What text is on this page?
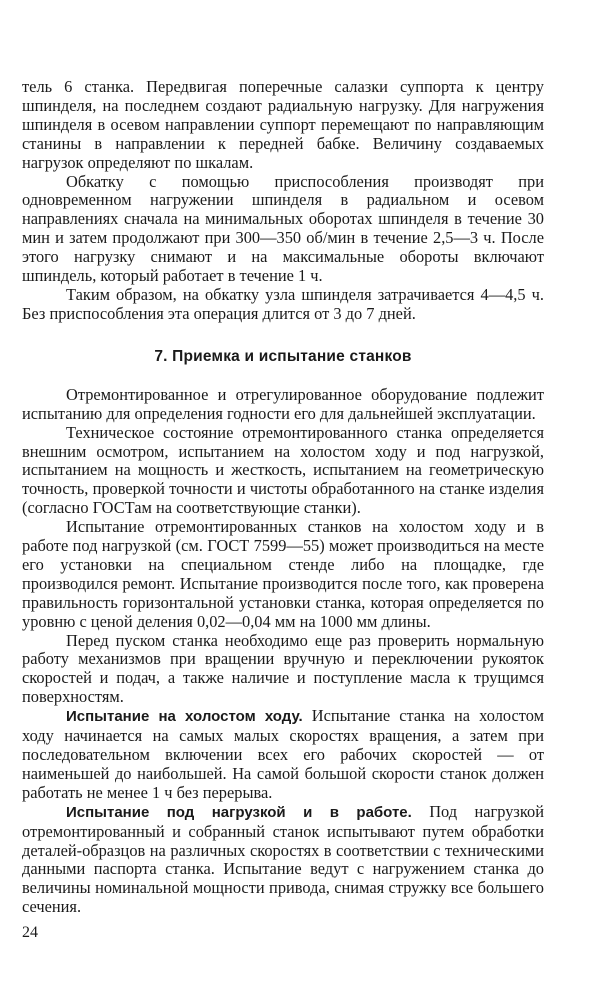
тель 6 станка. Передвигая поперечные салазки суппорта к центру шпинделя, на последнем создают радиальную нагрузку. Для нагружения шпинделя в осевом направлении суппорт перемещают по направляющим станины в направлении к передней бабке. Величину создаваемых нагрузок определяют по шкалам.

Обкатку с помощью приспособления производят при одновременном нагружении шпинделя в радиальном и осевом направлениях сначала на минимальных оборотах шпинделя в течение 30 мин и затем продолжают при 300—350 об/мин в течение 2,5—3 ч. После этого нагрузку снимают и на максимальные обороты включают шпиндель, который работает в течение 1 ч.

Таким образом, на обкатку узла шпинделя затрачивается 4—4,5 ч. Без приспособления эта операция длится от 3 до 7 дней.

7. Приемка и испытание станков

Отремонтированное и отрегулированное оборудование подлежит испытанию для определения годности его для дальнейшей эксплуатации.

Техническое состояние отремонтированного станка определяется внешним осмотром, испытанием на холостом ходу и под нагрузкой, испытанием на мощность и жесткость, испытанием на геометрическую точность, проверкой точности и чистоты обработанного на станке изделия (согласно ГОСТам на соответствующие станки).

Испытание отремонтированных станков на холостом ходу и в работе под нагрузкой (см. ГОСТ 7599—55) может производиться на месте его установки на специальном стенде либо на площадке, где производился ремонт. Испытание производится после того, как проверена правильность горизонтальной установки станка, которая определяется по уровню с ценой деления 0,02—0,04 мм на 1000 мм длины.

Перед пуском станка необходимо еще раз проверить нормальную работу механизмов при вращении вручную и переключении рукояток скоростей и подач, а также наличие и поступление масла к трущимся поверхностям.

Испытание на холостом ходу. Испытание станка на холостом ходу начинается на самых малых скоростях вращения, а затем при последовательном включении всех его рабочих скоростей — от наименьшей до наибольшей. На самой большой скорости станок должен работать не менее 1 ч без перерыва.

Испытание под нагрузкой и в работе. Под нагрузкой отремонтированный и собранный станок испытывают путем обработки деталей-образцов на различных скоростях в соответствии с техническими данными паспорта станка. Испытание ведут с нагружением станка до величины номинальной мощности привода, снимая стружку все большего сечения.

24
